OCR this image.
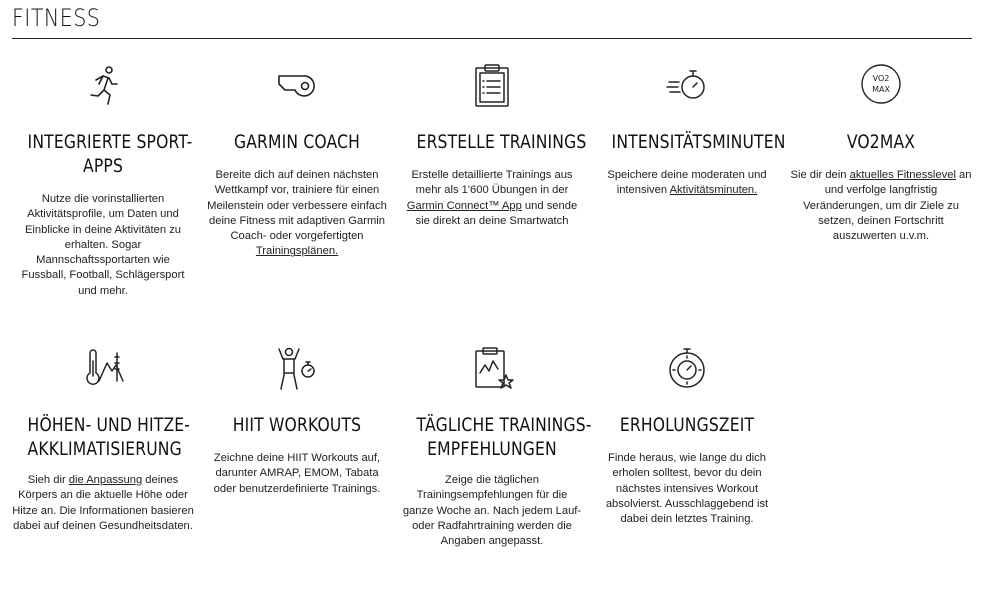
FITNESS
INTEGRIERTE SPORT-
APPS

Nutze die vorinstallierten
Aktivitätsprofile, um Daten und
Einblicke in deine Aktivitäten zu
erhalten. Sogar
Mannschaftssportarten wie
Fussball, Football, Schlägersport
und mehr.

GARMIN COACH

Bereite dich auf deinen nächsten
Wettkampf vor, trainiere für einen
Meilenstein oder verbessere einfach
deine Fitness mit adaptiven Garmin
Coach- oder vorgefertigten
Trainingsplänen.

ERSTELLE TRAININGS

Erstelle detaillierte Trainings aus
mehr als 1'600 Übungen in der
Garmin Connect™ App und sende
sie direkt an deine Smartwatch

INTENSITÄTSMINUTEN

Speichere deine moderaten und
intensiven Aktivitätsminuten.

VO2
MAX
VO2MAX

Sie dir dein aktuelles Fitnesslevel an
und verfolge langfristig
Veränderungen, um dir Ziele zu
setzen, deinen Fortschritt
auszuwerten u.v.m.

HÖHEN- UND HITZE-
AKKLIMATISIERUNG

Sieh dir die Anpassung deines
Körpers an die aktuelle Höhe oder
Hitze an. Die Informationen basieren
dabei auf deinen Gesundheitsdaten.

HIIT WORKOUTS

Zeichne deine HIIT Workouts auf,
darunter AMRAP, EMOM, Tabata
oder benutzerdefinierte Trainings.

TÄGLICHE TRAININGS-
EMPFEHLUNGEN

Zeige die täglichen
Trainingsempfehlungen für die
ganze Woche an. Nach jedem Lauf-
oder Radfahrtraining werden die
Angaben angepasst.

ERHOLUNGSZEIT

Finde heraus, wie lange du dich
erholen solltest, bevor du dein
nächstes intensives Workout
absolvierst. Ausschlaggebend ist
dabei dein letztes Training.
